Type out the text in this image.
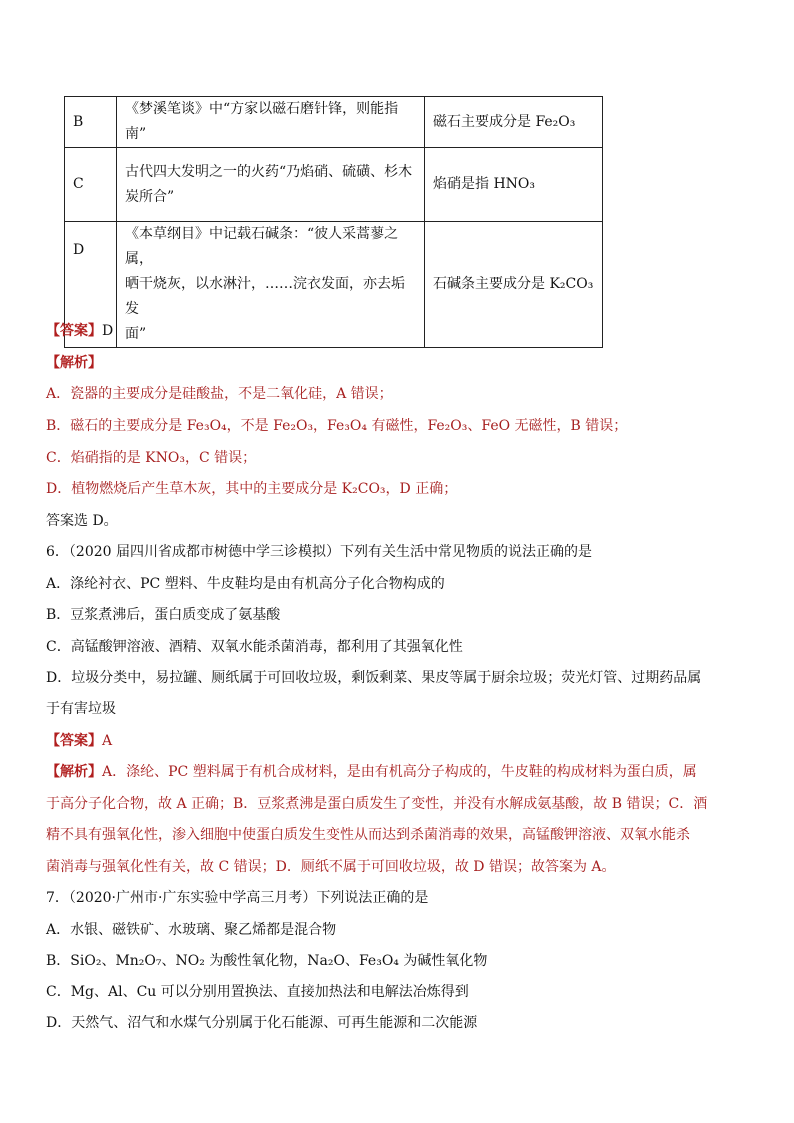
B	《梦溪笔谈》中“方家以磁石磨针锋，则能指南”	磁石主要成分是 Fe₂O₃
C	古代四大发明之一的火药“乃焰硝、硫磺、杉木
炭所合”	焰硝是指 HNO₃
D	《本草纲目》中记载石碱条：“彼人采蒿蓼之属，
晒干烧灰，以水淋汁，……浣衣发面，亦去垢发
面”	石碱条主要成分是 K₂CO₃
【答案】D
【解析】
A．瓷器的主要成分是硅酸盐，不是二氧化硅，A 错误；
B．磁石的主要成分是 Fe₃O₄，不是 Fe₂O₃，Fe₃O₄ 有磁性，Fe₂O₃、FeO 无磁性，B 错误；
C．焰硝指的是 KNO₃，C 错误；
D．植物燃烧后产生草木灰，其中的主要成分是 K₂CO₃，D 正确；
答案选 D。
6．（2020 届四川省成都市树德中学三诊模拟）下列有关生活中常见物质的说法正确的是
A．涤纶衬衣、PC 塑料、牛皮鞋均是由有机高分子化合物构成的
B．豆浆煮沸后，蛋白质变成了氨基酸
C．高锰酸钾溶液、酒精、双氧水能杀菌消毒，都利用了其强氧化性
D．垃圾分类中，易拉罐、厕纸属于可回收垃圾，剩饭剩菜、果皮等属于厨余垃圾；荧光灯管、过期药品属
于有害垃圾
【答案】A
【解析】A．涤纶、PC 塑料属于有机合成材料，是由有机高分子构成的，牛皮鞋的构成材料为蛋白质，属
于高分子化合物，故 A 正确；B．豆浆煮沸是蛋白质发生了变性，并没有水解成氨基酸，故 B 错误；C．酒
精不具有强氧化性，渗入细胞中使蛋白质发生变性从而达到杀菌消毒的效果，高锰酸钾溶液、双氧水能杀
菌消毒与强氧化性有关，故 C 错误；D．厕纸不属于可回收垃圾，故 D 错误；故答案为 A。
7．（2020·广州市·广东实验中学高三月考）下列说法正确的是
A．水银、磁铁矿、水玻璃、聚乙烯都是混合物
B．SiO₂、Mn₂O₇、NO₂ 为酸性氧化物，Na₂O、Fe₃O₄ 为碱性氧化物
C．Mg、Al、Cu 可以分别用置换法、直接加热法和电解法冶炼得到
D．天然气、沼气和水煤气分别属于化石能源、可再生能源和二次能源
